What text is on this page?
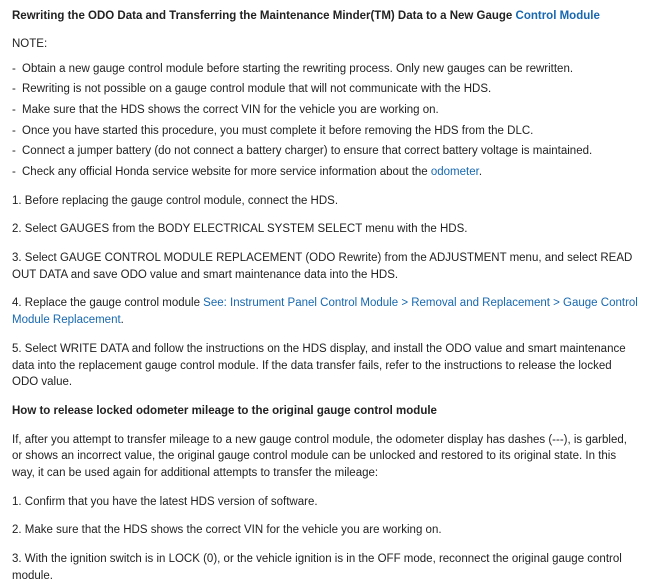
Rewriting the ODO Data and Transferring the Maintenance Minder(TM) Data to a New Gauge Control Module
NOTE:
- Obtain a new gauge control module before starting the rewriting process. Only new gauges can be rewritten.
- Rewriting is not possible on a gauge control module that will not communicate with the HDS.
- Make sure that the HDS shows the correct VIN for the vehicle you are working on.
- Once you have started this procedure, you must complete it before removing the HDS from the DLC.
- Connect a jumper battery (do not connect a battery charger) to ensure that correct battery voltage is maintained.
- Check any official Honda service website for more service information about the odometer.
1. Before replacing the gauge control module, connect the HDS.
2. Select GAUGES from the BODY ELECTRICAL SYSTEM SELECT menu with the HDS.
3. Select GAUGE CONTROL MODULE REPLACEMENT (ODO Rewrite) from the ADJUSTMENT menu, and select READ OUT DATA and save ODO value and smart maintenance data into the HDS.
4. Replace the gauge control module See: Instrument Panel Control Module > Removal and Replacement > Gauge Control Module Replacement.
5. Select WRITE DATA and follow the instructions on the HDS display, and install the ODO value and smart maintenance data into the replacement gauge control module. If the data transfer fails, refer to the instructions to release the locked ODO value.
How to release locked odometer mileage to the original gauge control module
If, after you attempt to transfer mileage to a new gauge control module, the odometer display has dashes (---), is garbled, or shows an incorrect value, the original gauge control module can be unlocked and restored to its original state. In this way, it can be used again for additional attempts to transfer the mileage:
1. Confirm that you have the latest HDS version of software.
2. Make sure that the HDS shows the correct VIN for the vehicle you are working on.
3. With the ignition switch is in LOCK (0), or the vehicle ignition is in the OFF mode, reconnect the original gauge control module.
